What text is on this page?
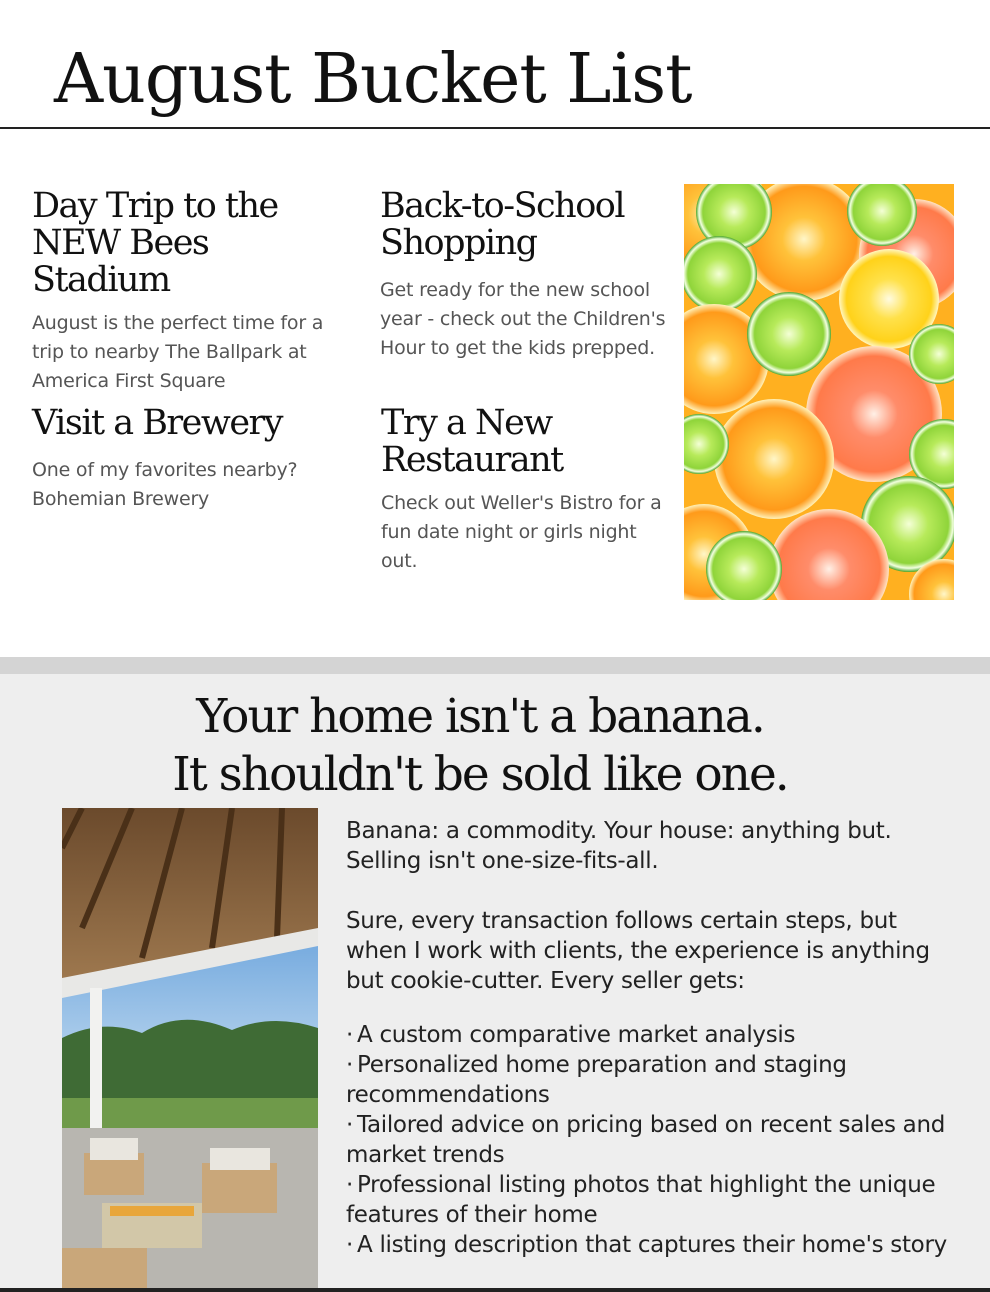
August Bucket List
Day Trip to the
NEW Bees Stadium

August is the perfect time for a trip to nearby The Ballpark at America First Square

Back-to-School
Shopping

Get ready for the new school year - check out the Children's Hour to get the kids prepped.

Visit a Brewery

One of my favorites nearby? Bohemian Brewery

Try a New
Restaurant

Check out Weller's Bistro for a fun date night or girls night out.

Your home isn't a banana.
It shouldn't be sold like one.

Banana: a commodity. Your house: anything but. Selling isn't one-size-fits-all.

Sure, every transaction follows certain steps, but when I work with clients, the experience is anything but cookie-cutter. Every seller gets:

· A custom comparative market analysis
· Personalized home preparation and staging recommendations
· Tailored advice on pricing based on recent sales and market trends
· Professional listing photos that highlight the unique features of their home
· A listing description that captures their home's story
